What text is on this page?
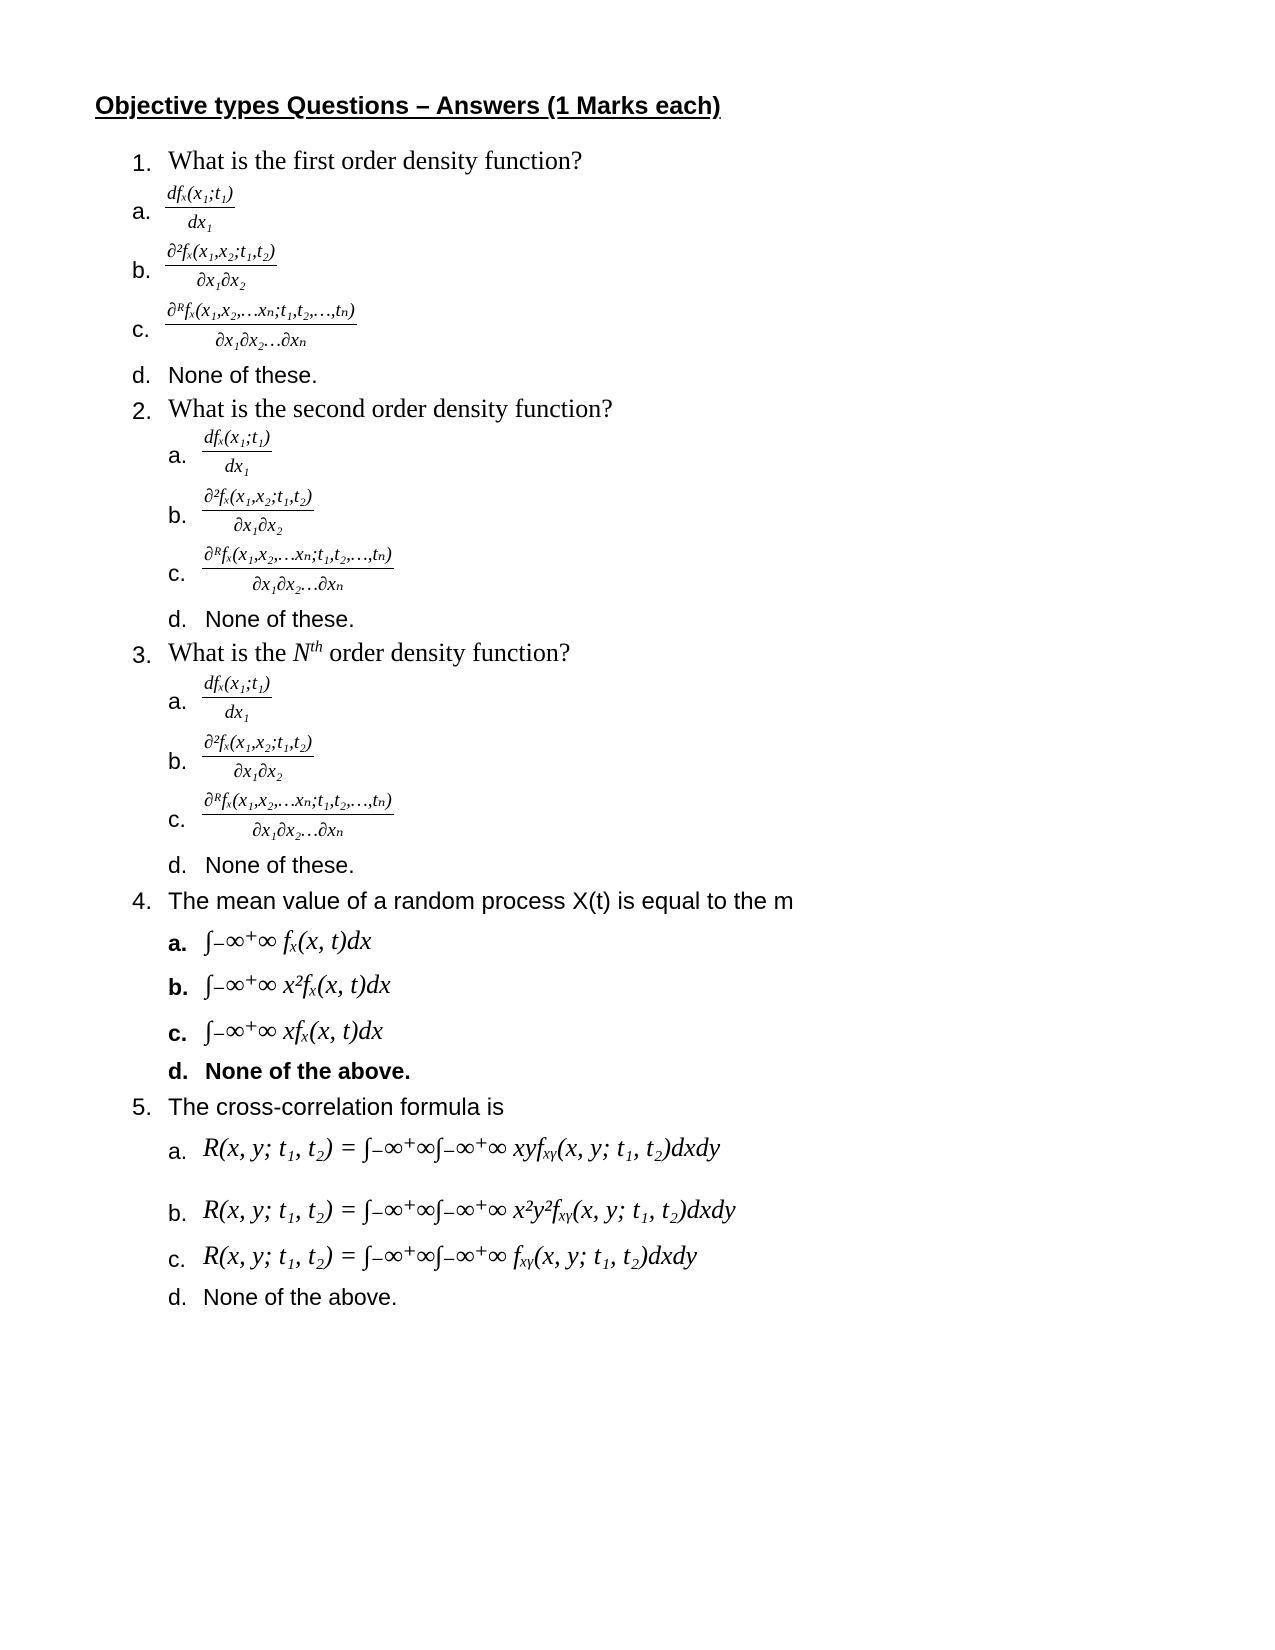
Objective types Questions – Answers (1 Marks each)
1. What is the first order density function?
a.
dfₓ(x₁;t₁)
dx₁
b. $\frac{\text{∂²fₓ(x₁,x₂;t₁,t₂)}}{\text{∂x₁∂x₂}}$
c.
∂ᴿfₓ(x₁,x₂,…xₙ;t₁,t₂,…,tₙ)
∂x₁∂x₂…∂xₙ
d. None of these.
2. What is the second order density function?
a.
dfₓ(x₁;t₁)
dx₁
b. $\frac{\text{∂²fₓ(x₁,x₂;t₁,t₂)}}{\text{∂x₁∂x₂}}$
c.
∂ᴿfₓ(x₁,x₂,…xₙ;t₁,t₂,…,tₙ)
∂x₁∂x₂…∂xₙ
d. None of these.
3. What is the $N^{th}$ order density function?
a.
dfₓ(x₁;t₁)
dx₁
b. $\frac{\text{∂²fₓ(x₁,x₂;t₁,t₂)}}{\text{∂x₁∂x₂}}$
c.
∂ᴿfₓ(x₁,x₂,…xₙ;t₁,t₂,…,tₙ)
∂x₁∂x₂…∂xₙ
d. None of these.
4. The mean value of a random process X(t) is equal to the m
a. ∫₋∞⁺∞ fₓ(x, t)dx
b. ∫₋∞⁺∞ x²fₓ(x, t)dx
c. ∫₋∞⁺∞ xfₓ(x, t)dx
d. None of the above.
5. The cross-correlation formula is
a. R(x, y; t₁, t₂) = ∫₋∞⁺∞∫₋∞⁺∞ xyfₓᵧ(x, y; t₁, t₂)dxdy
b. R(x, y; t₁, t₂) = ∫₋∞⁺∞∫₋∞⁺∞ x²y²fₓᵧ(x, y; t₁, t₂)dxdy
c. R(x, y; t₁, t₂) = ∫₋∞⁺∞∫₋∞⁺∞ fₓᵧ(x, y; t₁, t₂)dxdy
d. None of the above.
